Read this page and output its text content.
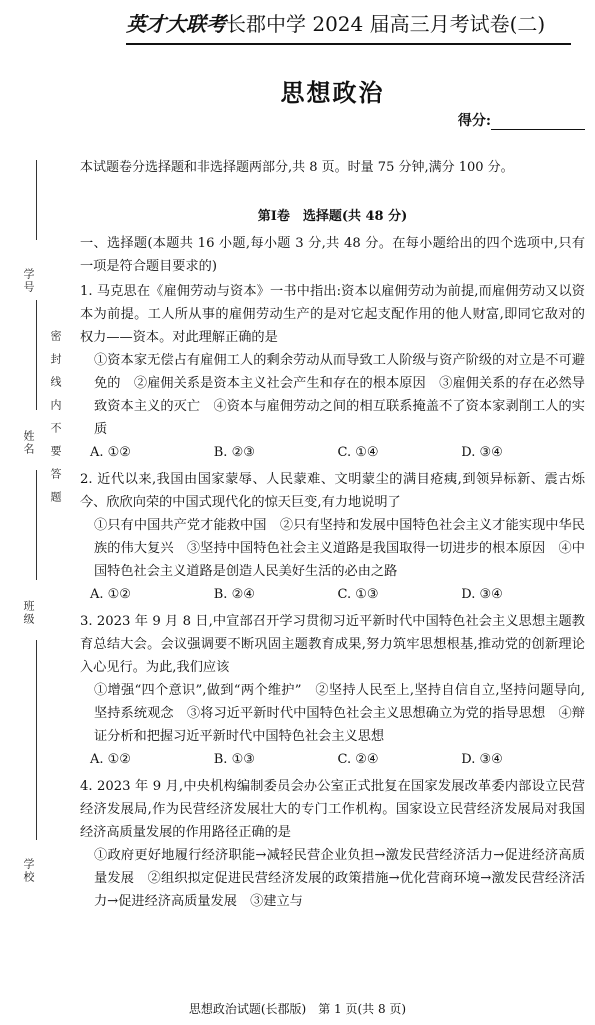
学号
姓名
班级
学校
密封线内不要答题
英才大联考长郡中学 2024 届高三月考试卷(二)
思想政治
得分:
本试题卷分选择题和非选择题两部分,共 8 页。时量 75 分钟,满分 100 分。
第Ⅰ卷　选择题(共 48 分)
一、选择题(本题共 16 小题,每小题 3 分,共 48 分。在每小题给出的四个选项中,只有一项是符合题目要求的)
1. 马克思在《雇佣劳动与资本》一书中指出:资本以雇佣劳动为前提,而雇佣劳动又以资本为前提。工人所从事的雇佣劳动生产的是对它起支配作用的他人财富,即同它敌对的权力——资本。对此理解正确的是
①资本家无偿占有雇佣工人的剩余劳动从而导致工人阶级与资产阶级的对立是不可避免的　②雇佣关系是资本主义社会产生和存在的根本原因　③雇佣关系的存在必然导致资本主义的灭亡　④资本与雇佣劳动之间的相互联系掩盖不了资本家剥削工人的实质
A. ①②	B. ②③	C. ①④	D. ③④
2. 近代以来,我国由国家蒙辱、人民蒙难、文明蒙尘的满目疮痍,到领异标新、震古烁今、欣欣向荣的中国式现代化的惊天巨变,有力地说明了
①只有中国共产党才能救中国　②只有坚持和发展中国特色社会主义才能实现中华民族的伟大复兴　③坚持中国特色社会主义道路是我国取得一切进步的根本原因　④中国特色社会主义道路是创造人民美好生活的必由之路
A. ①②	B. ②④	C. ①③	D. ③④
3. 2023 年 9 月 8 日,中宣部召开学习贯彻习近平新时代中国特色社会主义思想主题教育总结大会。会议强调要不断巩固主题教育成果,努力筑牢思想根基,推动党的创新理论入心见行。为此,我们应该
①增强“四个意识”,做到“两个维护”　②坚持人民至上,坚持自信自立,坚持问题导向,坚持系统观念　③将习近平新时代中国特色社会主义思想确立为党的指导思想　④辩证分析和把握习近平新时代中国特色社会主义思想
A. ①②	B. ①③	C. ②④	D. ③④
4. 2023 年 9 月,中央机构编制委员会办公室正式批复在国家发展改革委内部设立民营经济发展局,作为民营经济发展壮大的专门工作机构。国家设立民营经济发展局对我国经济高质量发展的作用路径正确的是
①政府更好地履行经济职能→减轻民营企业负担→激发民营经济活力→促进经济高质量发展　②组织拟定促进民营经济发展的政策措施→优化营商环境→激发民营经济活力→促进经济高质量发展　③建立与
思想政治试题(长郡版)　第 1 页(共 8 页)
